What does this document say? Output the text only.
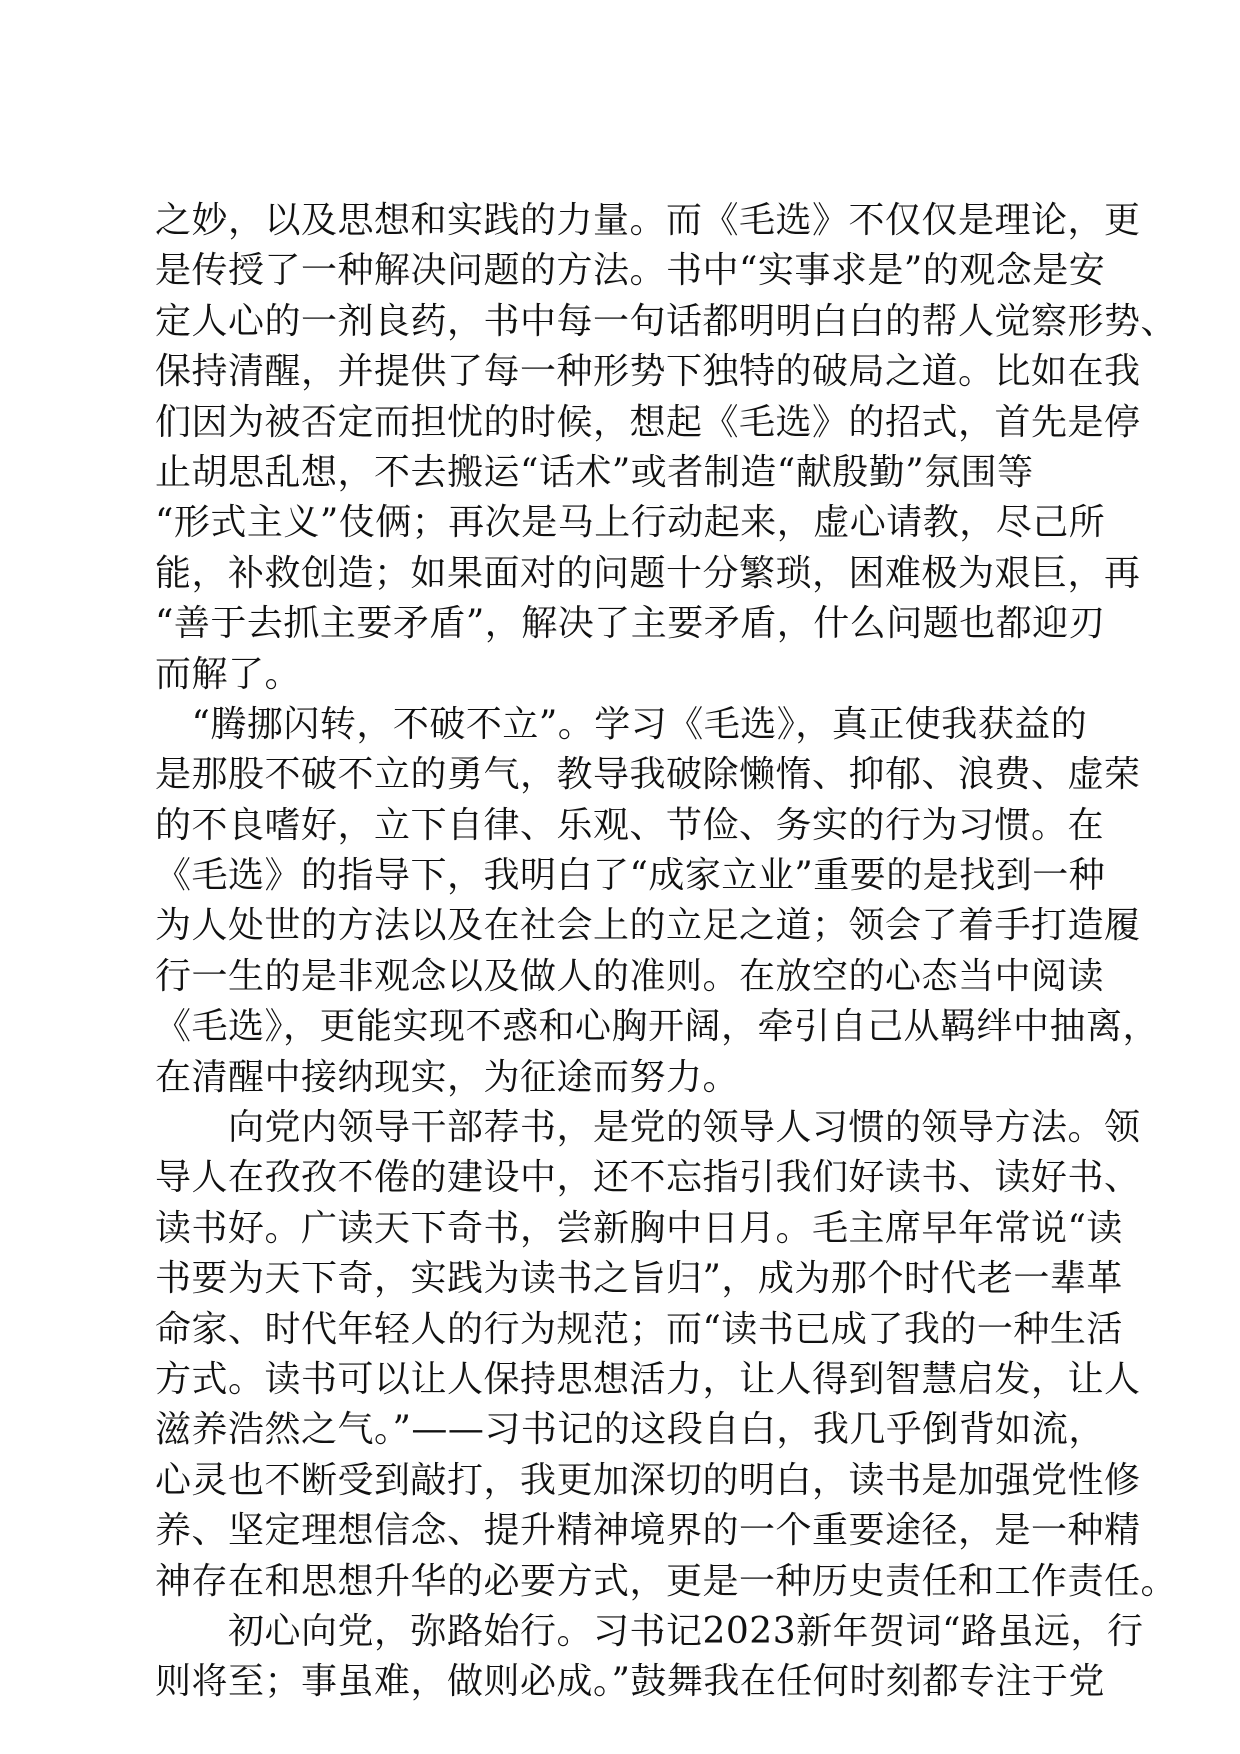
之妙，以及思想和实践的力量。而《毛选》不仅仅是理论，更
是传授了一种解决问题的方法。书中“实事求是”的观念是安
定人心的一剂良药，书中每一句话都明明白白的帮人觉察形势、
保持清醒，并提供了每一种形势下独特的破局之道。比如在我
们因为被否定而担忧的时候，想起《毛选》的招式，首先是停
止胡思乱想，不去搬运“话术”或者制造“献殷勤”氛围等
“形式主义”伎俩；再次是马上行动起来，虚心请教，尽己所
能，补救创造；如果面对的问题十分繁琐，困难极为艰巨，再
“善于去抓主要矛盾”，解决了主要矛盾，什么问题也都迎刃
而解了。
　“腾挪闪转，不破不立”。学习《毛选》，真正使我获益的
是那股不破不立的勇气，教导我破除懒惰、抑郁、浪费、虚荣
的不良嗜好，立下自律、乐观、节俭、务实的行为习惯。在
《毛选》的指导下，我明白了“成家立业”重要的是找到一种
为人处世的方法以及在社会上的立足之道；领会了着手打造履
行一生的是非观念以及做人的准则。在放空的心态当中阅读
《毛选》，更能实现不惑和心胸开阔，牵引自己从羁绊中抽离，
在清醒中接纳现实，为征途而努力。
　　向党内领导干部荐书，是党的领导人习惯的领导方法。领
导人在孜孜不倦的建设中，还不忘指引我们好读书、读好书、
读书好。广读天下奇书，尝新胸中日月。毛主席早年常说“读
书要为天下奇，实践为读书之旨归”，成为那个时代老一辈革
命家、时代年轻人的行为规范；而“读书已成了我的一种生活
方式。读书可以让人保持思想活力，让人得到智慧启发，让人
滋养浩然之气。”——习书记的这段自白，我几乎倒背如流，
心灵也不断受到敲打，我更加深切的明白，读书是加强党性修
养、坚定理想信念、提升精神境界的一个重要途径，是一种精
神存在和思想升华的必要方式，更是一种历史责任和工作责任。
　　初心向党，弥路始行。习书记2023新年贺词“路虽远，行
则将至；事虽难，做则必成。”鼓舞我在任何时刻都专注于党
